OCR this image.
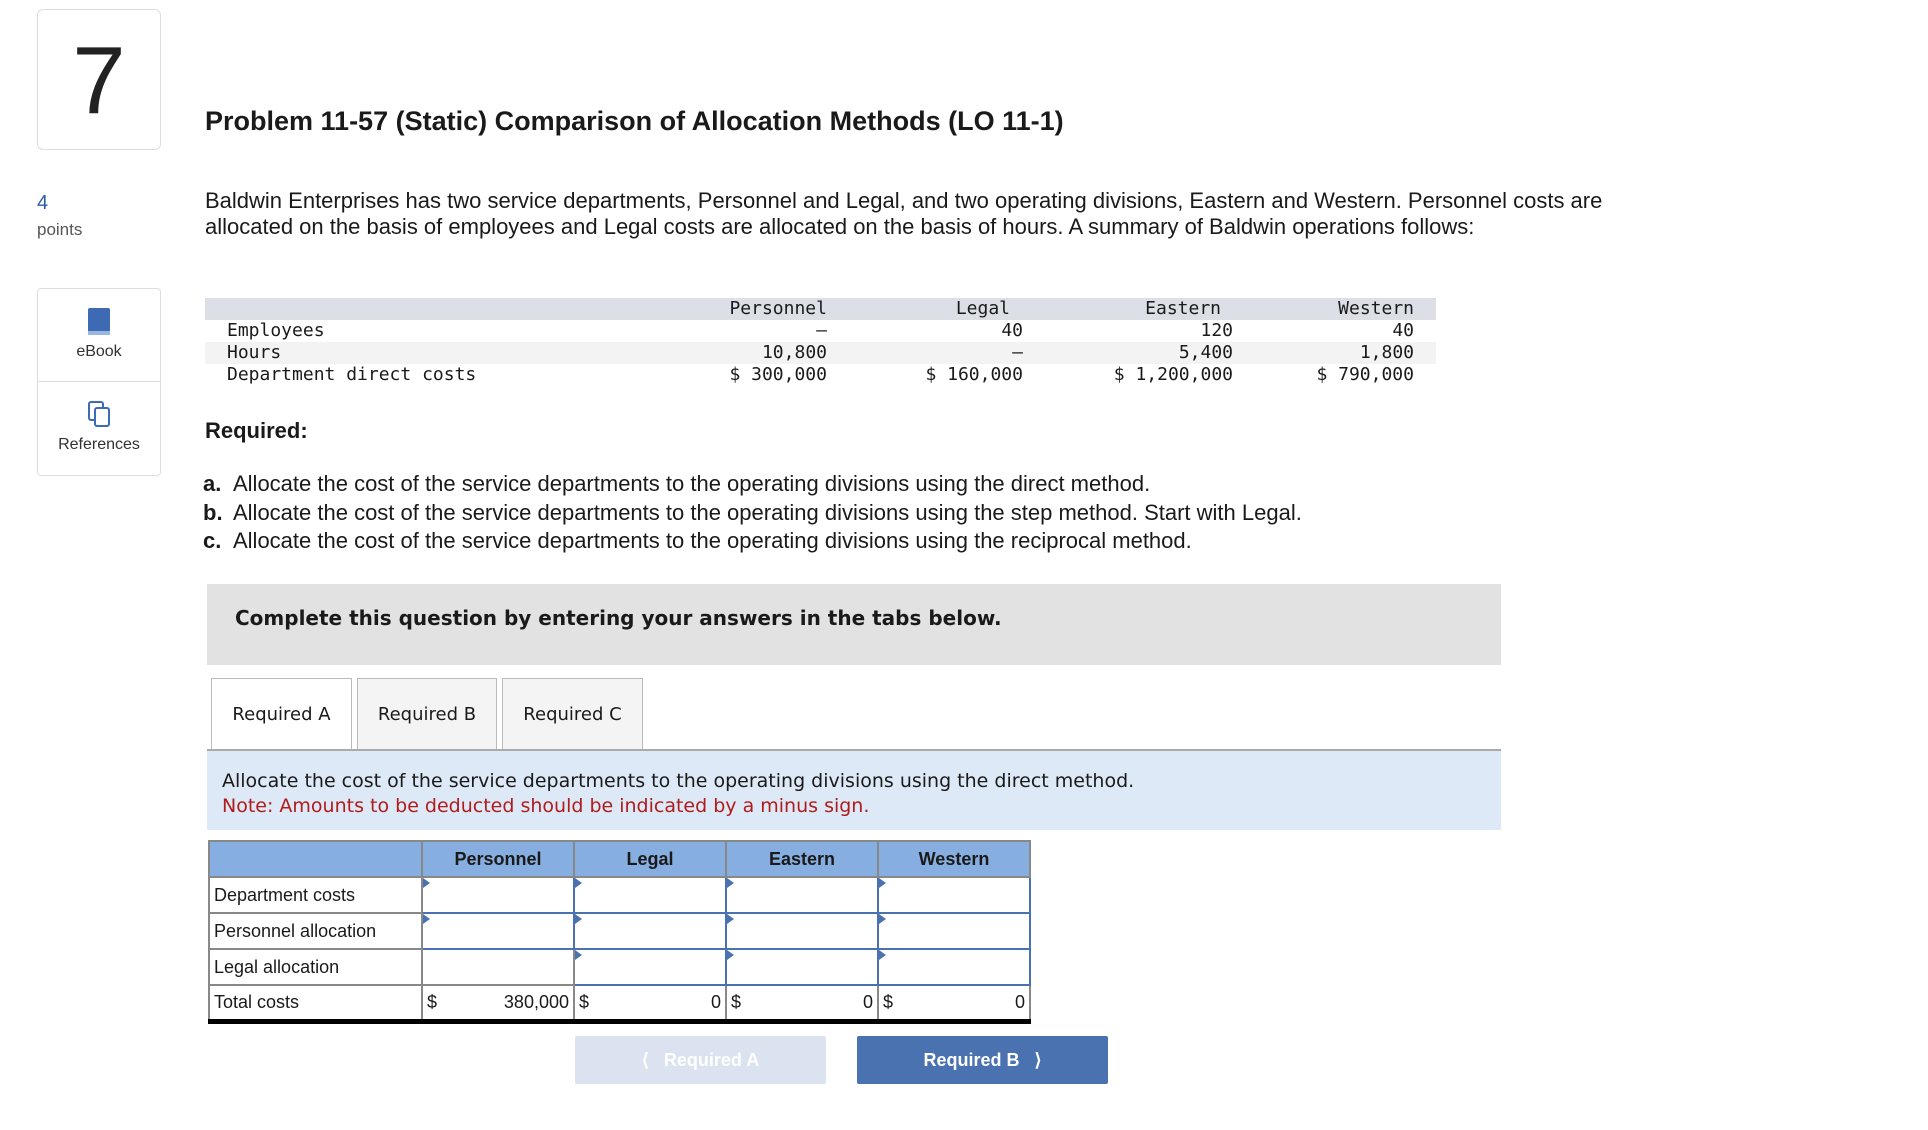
7	Problem 11-57 (Static) Comparison of Allocation Methods (LO 11-1)
4
points
eBook
References
Baldwin Enterprises has two service departments, Personnel and Legal, and two operating divisions, Eastern and Western. Personnel costs are allocated on the basis of employees and Legal costs are allocated on the basis of hours. A summary of Baldwin operations follows:
Personnel	Legal	Eastern	Western
Employees	–	40	120	40
Hours	10,800	–	5,400	1,800
Department direct costs	$ 300,000	$ 160,000	$ 1,200,000	$ 790,000
Required:
a. Allocate the cost of the service departments to the operating divisions using the direct method.
b. Allocate the cost of the service departments to the operating divisions using the step method. Start with Legal.
c. Allocate the cost of the service departments to the operating divisions using the reciprocal method.
Complete this question by entering your answers in the tabs below.
Required A	Required B	Required C
Allocate the cost of the service departments to the operating divisions using the direct method.
Note: Amounts to be deducted should be indicated by a minus sign.
	Personnel	Legal	Eastern	Western
Department costs				
Personnel allocation				
Legal allocation				
Total costs	$ 380,000	$ 0	$ 0	$ 0
⟨   Required A	Required B   ⟩
